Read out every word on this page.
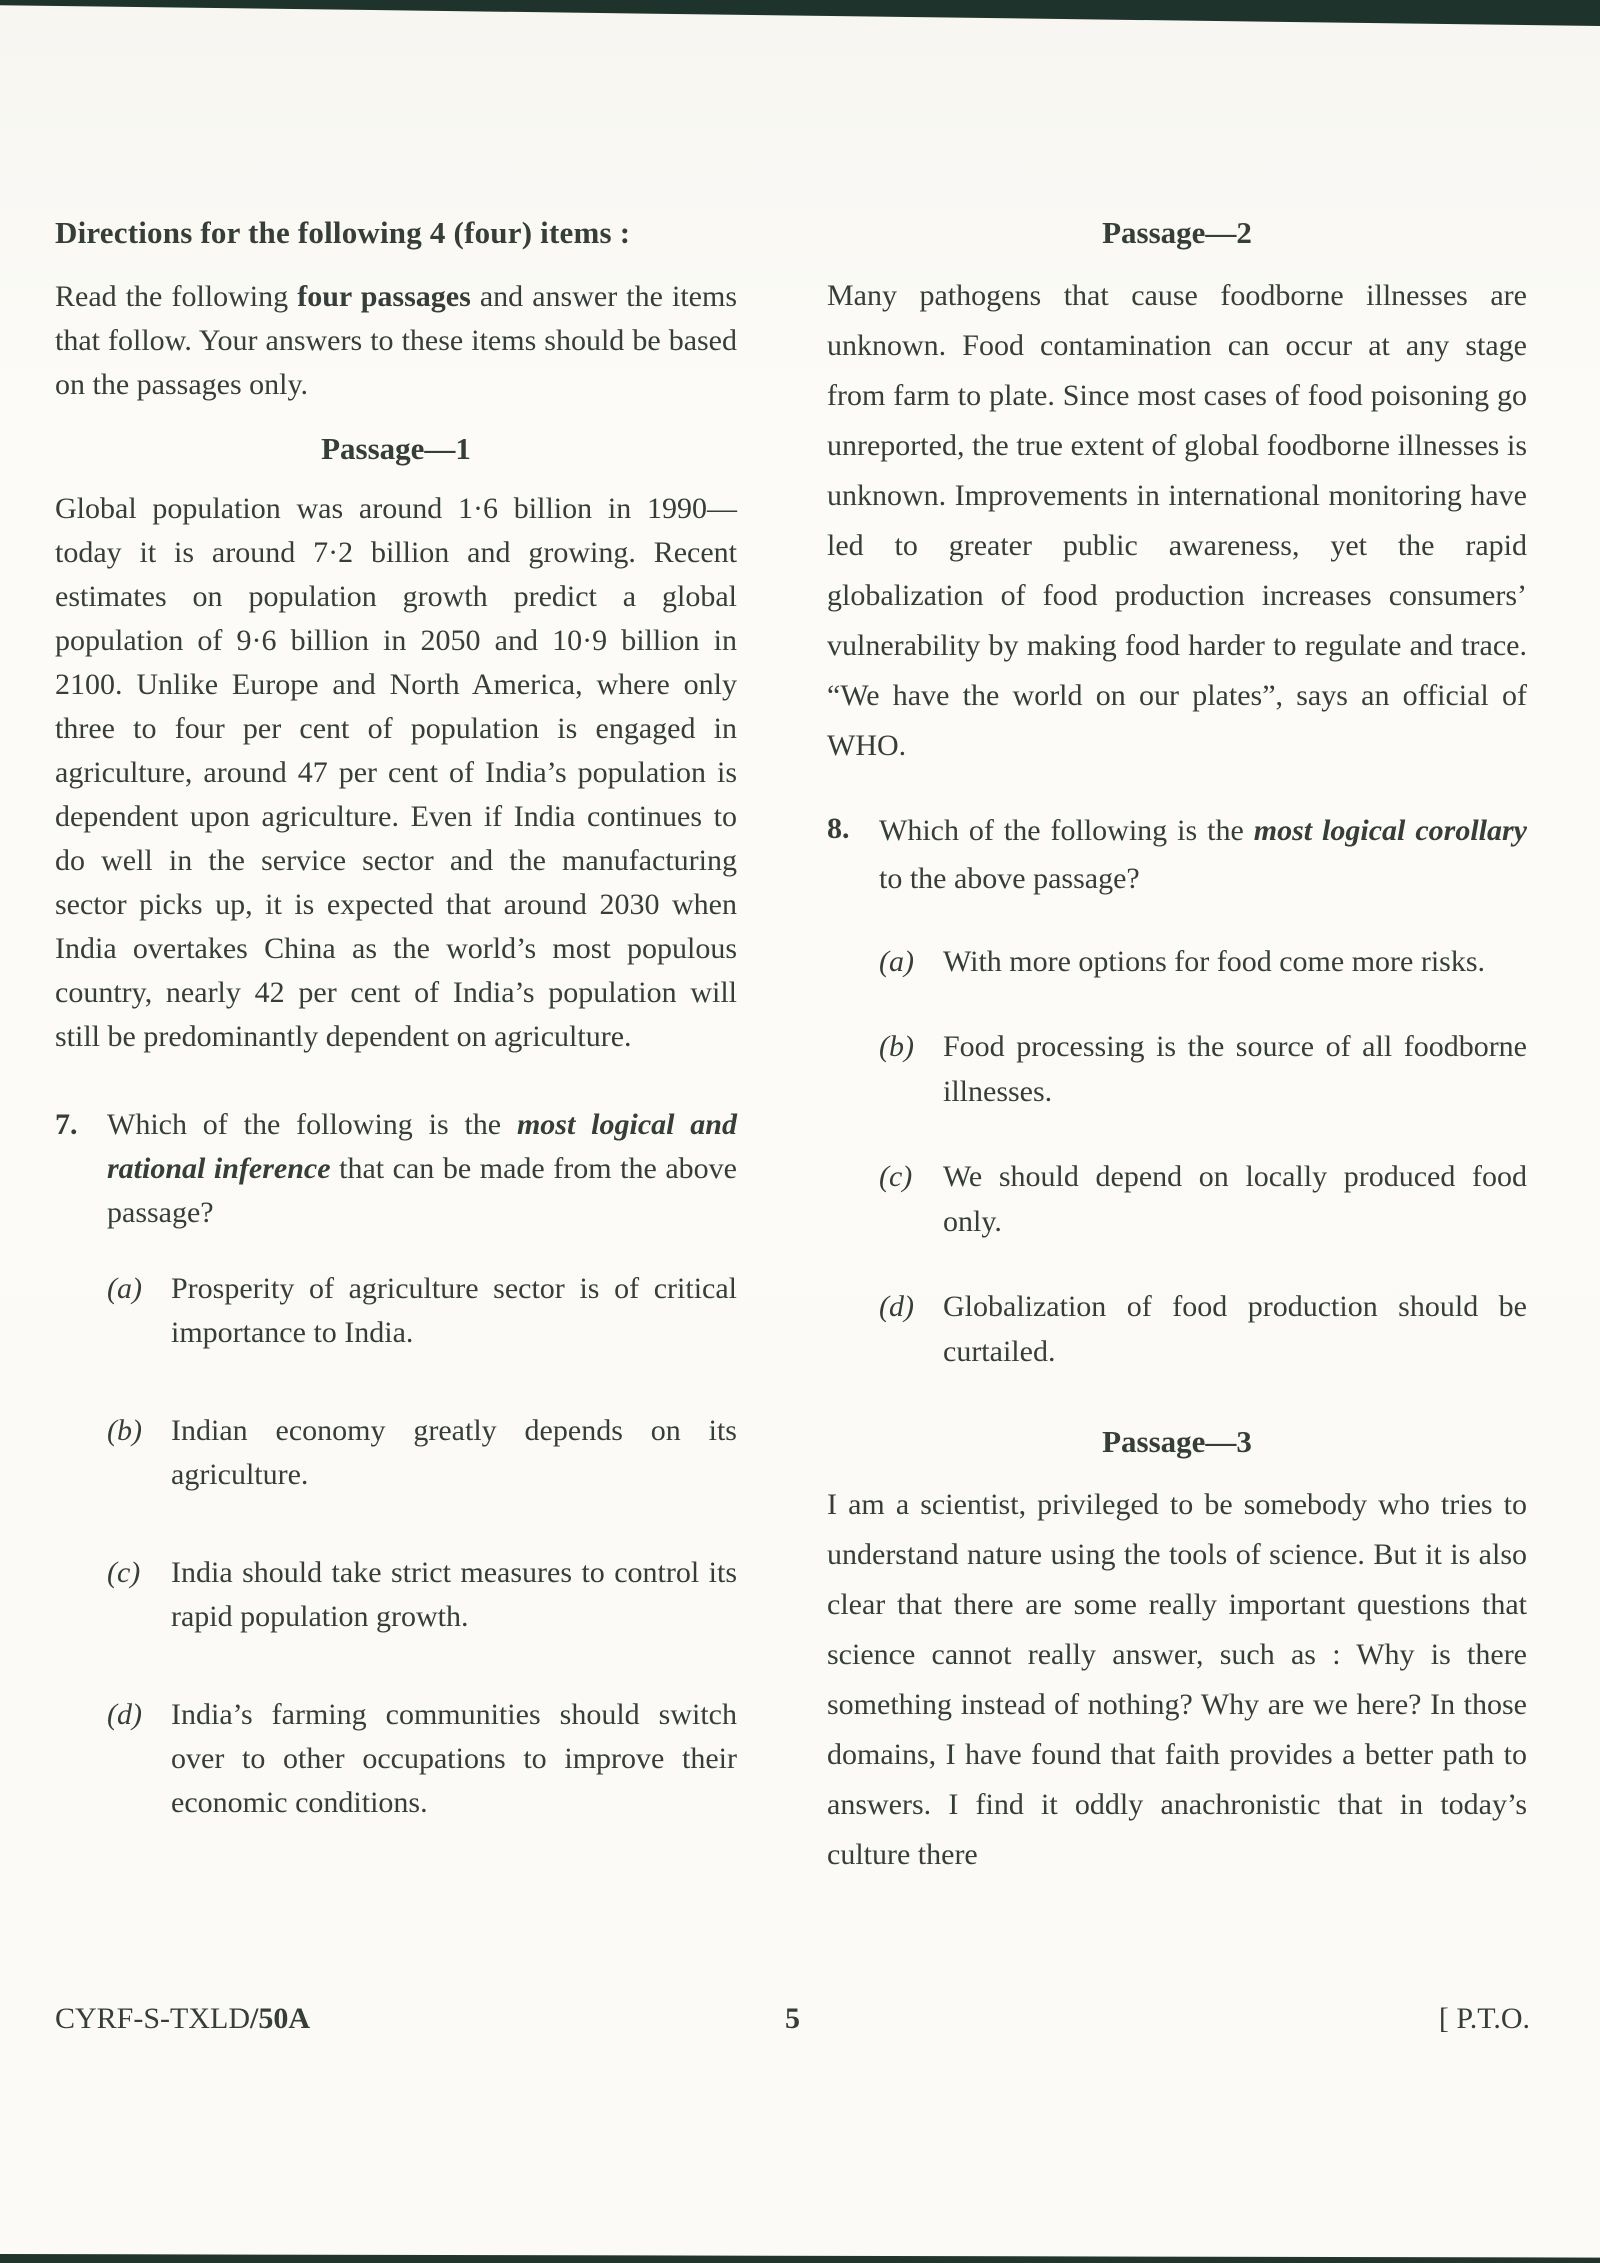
Directions for the following 4 (four) items :

Read the following four passages and answer the items that follow. Your answers to these items should be based on the passages only.

Passage—1

Global population was around 1·6 billion in 1990—today it is around 7·2 billion and growing. Recent estimates on population growth predict a global population of 9·6 billion in 2050 and 10·9 billion in 2100. Unlike Europe and North America, where only three to four per cent of population is engaged in agriculture, around 47 per cent of India’s population is dependent upon agriculture. Even if India continues to do well in the service sector and the manufacturing sector picks up, it is expected that around 2030 when India overtakes China as the world’s most populous country, nearly 42 per cent of India’s population will still be predominantly dependent on agriculture.

7. Which of the following is the most logical and rational inference that can be made from the above passage?

(a) Prosperity of agriculture sector is of critical importance to India.
(b) Indian economy greatly depends on its agriculture.
(c)	India should take strict measures to control its rapid population growth.
(d) India’s farming communities should switch over to other occupations to improve their economic conditions.
Passage—2

Many pathogens that cause foodborne illnesses are unknown. Food contamination can occur at any stage from farm to plate. Since most cases of food poisoning go unreported, the true extent of global foodborne illnesses is unknown. Improvements in international monitoring have led to greater public awareness, yet the rapid globalization of food production increases consumers’ vulnerability by making food harder to regulate and trace. “We have the world on our plates”, says an official of WHO.

8. Which of the following is the most logical corollary to the above passage?

(a) With more options for food come more risks.
(b) Food processing is the source of all foodborne illnesses.
(c)	We should depend on locally produced food only.
(d) Globalization of food production should be curtailed.
Passage—3

I am a scientist, privileged to be somebody who tries to understand nature using the tools of science. But it is also clear that there are some really important questions that science cannot really answer, such as : Why is there something instead of nothing? Why are we here? In those domains, I have found that faith provides a better path to answers. I find it oddly anachronistic that in today’s culture there

CYRF-S-TXLD/50A	5	[ P.T.O.
